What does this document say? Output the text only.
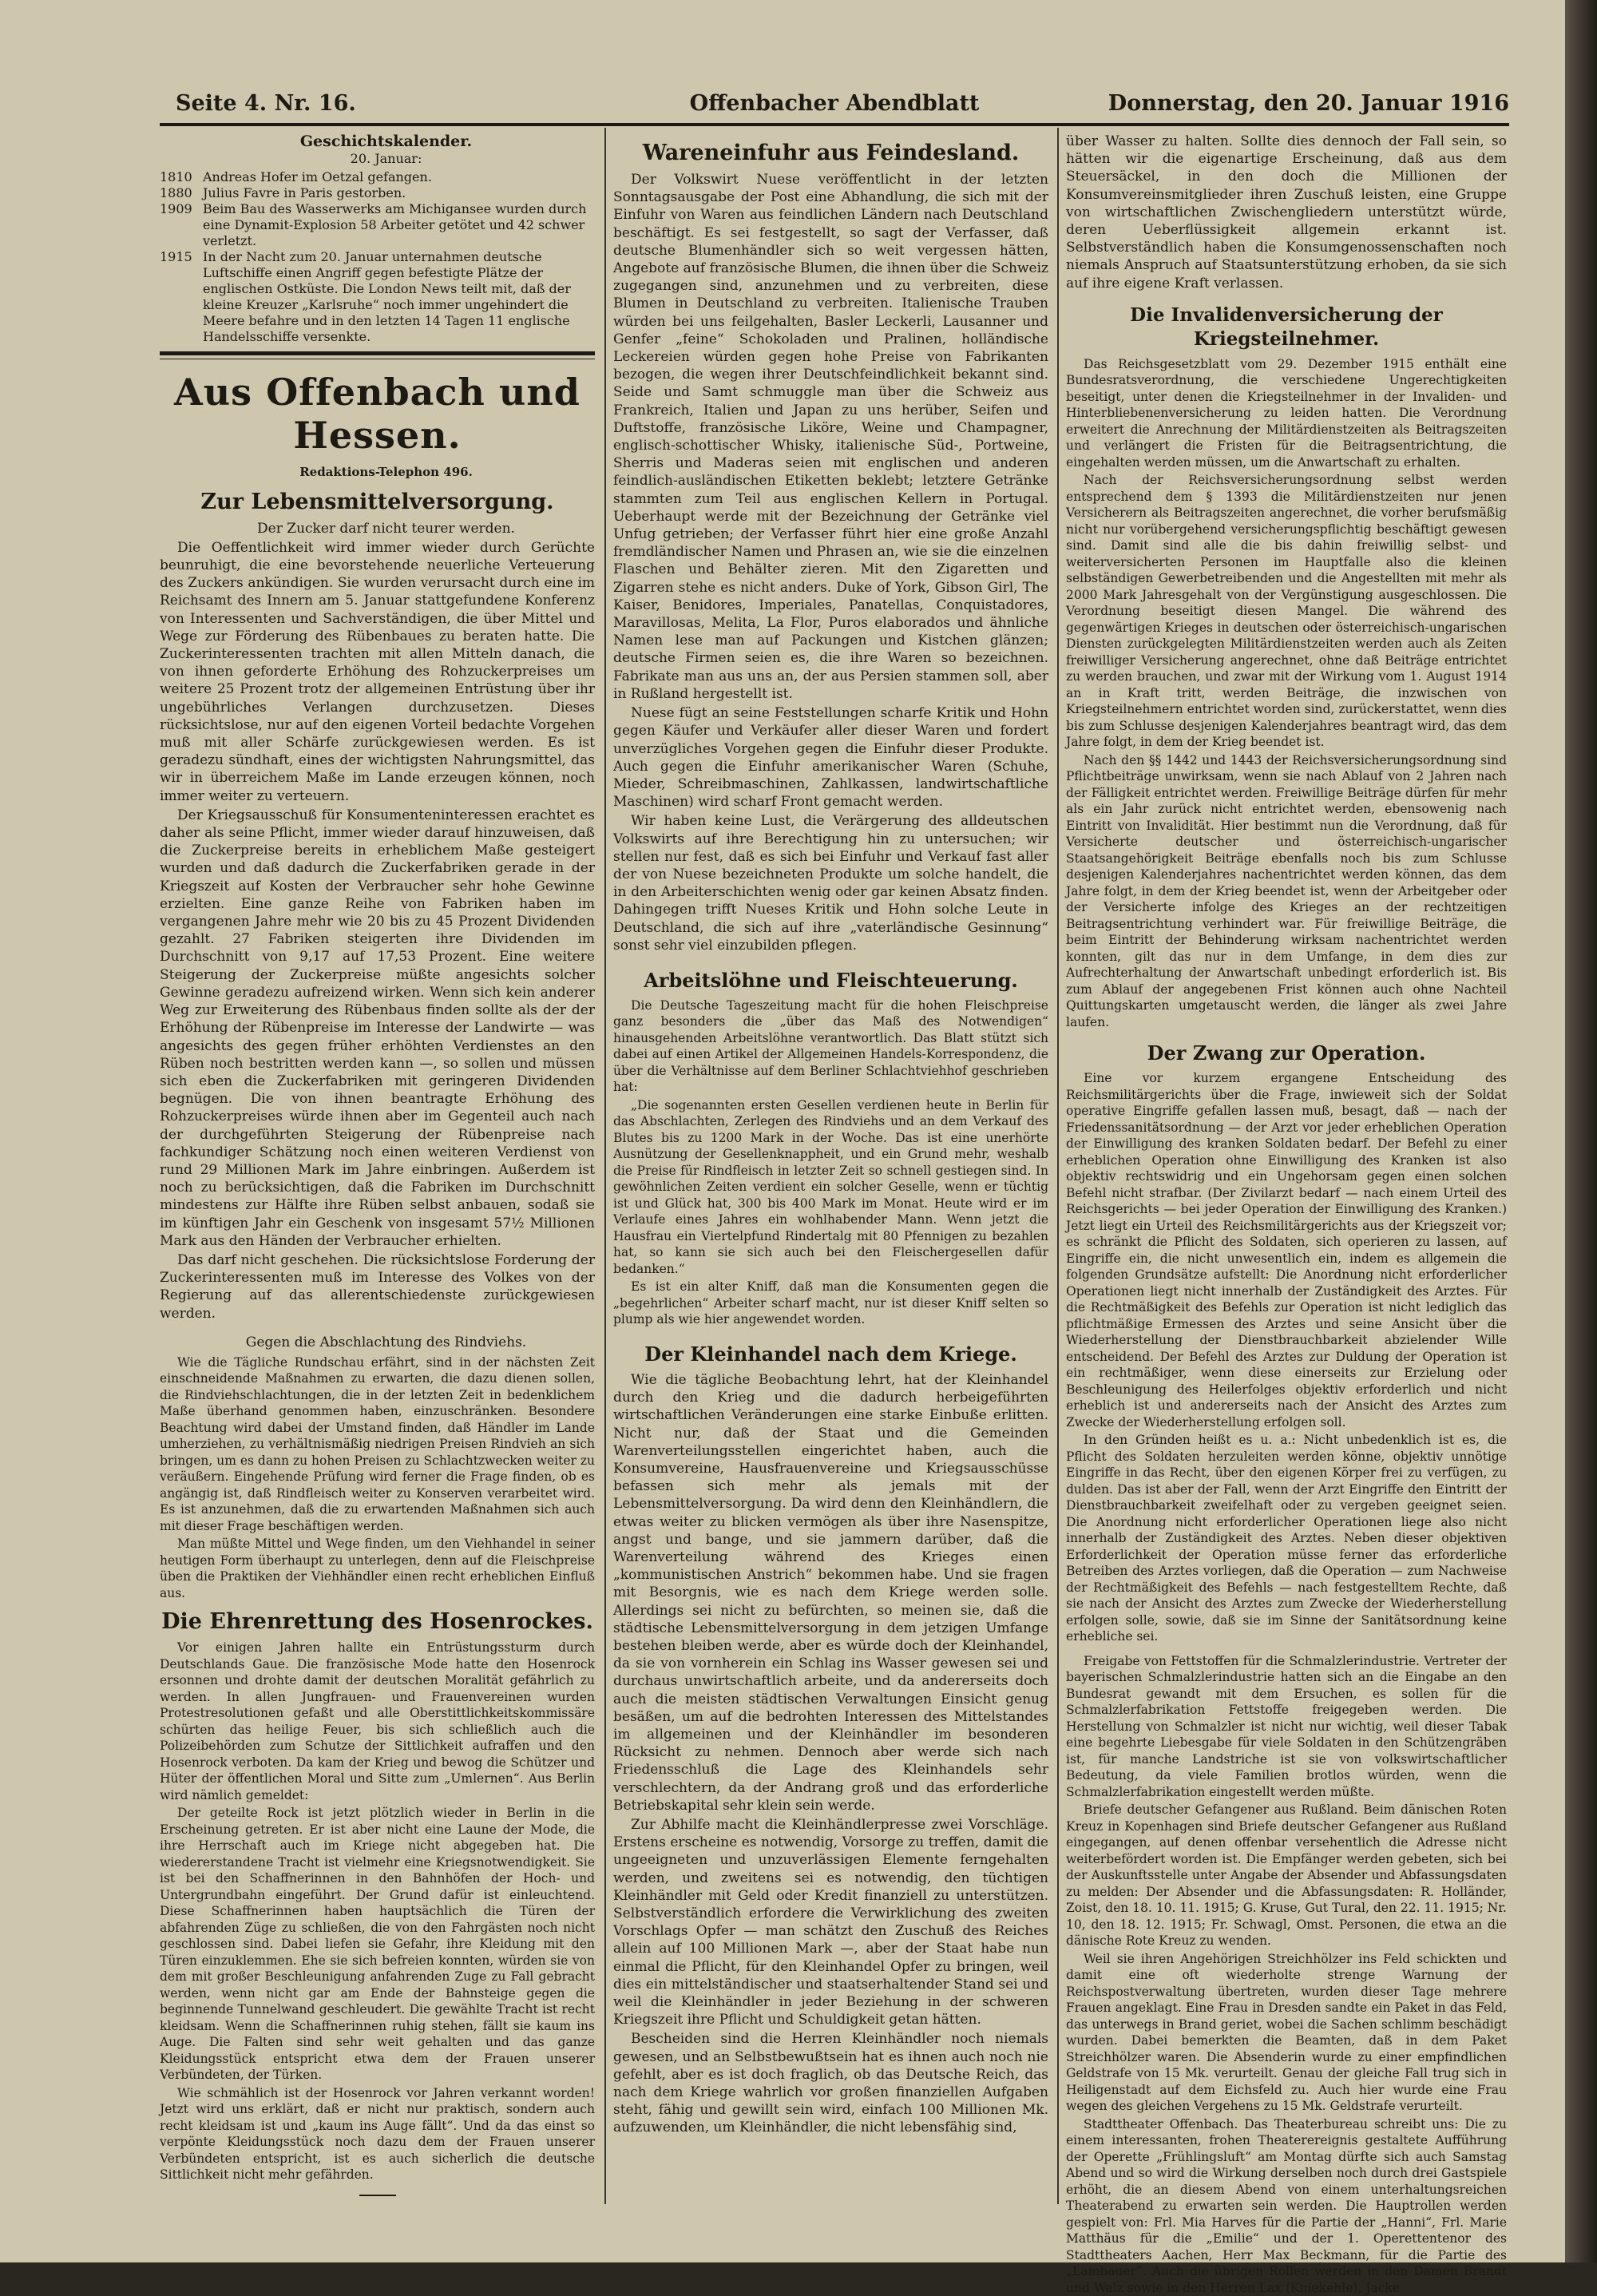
Seite 4. Nr. 16.	Offenbacher Abendblatt	Donnerstag, den 20. Januar 1916

Geschichtskalender.

20. Januar:

1810 Andreas Hofer im Oetzal gefangen.

1880 Julius Favre in Paris gestorben.

1909 Beim Bau des Wasserwerks am Michigansee wurden durch eine Dynamit-Explosion 58 Arbeiter getötet und 42 schwer verletzt.

1915 In der Nacht zum 20. Januar unternahmen deutsche Luftschiffe einen Angriff gegen befestigte Plätze der englischen Ostküste. Die London News teilt mit, daß der kleine Kreuzer „Karlsruhe“ noch immer ungehindert die Meere befahre und in den letzten 14 Tagen 11 englische Handelsschiffe versenkte.

Aus Offenbach und Hessen.

Redaktions-Telephon 496.

Zur Lebensmittelversorgung.

Der Zucker darf nicht teurer werden.

Die Oeffentlichkeit wird immer wieder durch Gerüchte beunruhigt, die eine bevorstehende neuerliche Verteuerung des Zuckers ankündigen. Sie wurden verursacht durch eine im Reichsamt des Innern am 5. Januar stattgefundene Konferenz von Interessenten und Sachverständigen, die über Mittel und Wege zur Förderung des Rübenbaues zu beraten hatte. Die Zuckerinteressenten trachten mit allen Mitteln danach, die von ihnen geforderte Erhöhung des Rohzuckerpreises um weitere 25 Prozent trotz der allgemeinen Entrüstung über ihr ungebührliches Verlangen durchzusetzen. Dieses rücksichtslose, nur auf den eigenen Vorteil bedachte Vorgehen muß mit aller Schärfe zurückgewiesen werden. Es ist geradezu sündhaft, eines der wichtigsten Nahrungsmittel, das wir in überreichem Maße im Lande erzeugen können, noch immer weiter zu verteuern.

Der Kriegsausschuß für Konsumenteninteressen erachtet es daher als seine Pflicht, immer wieder darauf hinzuweisen, daß die Zuckerpreise bereits in erheblichem Maße gesteigert wurden und daß dadurch die Zuckerfabriken gerade in der Kriegszeit auf Kosten der Verbraucher sehr hohe Gewinne erzielten. Eine ganze Reihe von Fabriken haben im vergangenen Jahre mehr wie 20 bis zu 45 Prozent Dividenden gezahlt. 27 Fabriken steigerten ihre Dividenden im Durchschnitt von 9,17 auf 17,53 Prozent. Eine weitere Steigerung der Zuckerpreise müßte angesichts solcher Gewinne geradezu aufreizend wirken. Wenn sich kein anderer Weg zur Erweiterung des Rübenbaus finden sollte als der der Erhöhung der Rübenpreise im Interesse der Landwirte — was angesichts des gegen früher erhöhten Verdienstes an den Rüben noch bestritten werden kann —, so sollen und müssen sich eben die Zuckerfabriken mit geringeren Dividenden begnügen. Die von ihnen beantragte Erhöhung des Rohzuckerpreises würde ihnen aber im Gegenteil auch nach der durchgeführten Steigerung der Rübenpreise nach fachkundiger Schätzung noch einen weiteren Verdienst von rund 29 Millionen Mark im Jahre einbringen. Außerdem ist noch zu berücksichtigen, daß die Fabriken im Durchschnitt mindestens zur Hälfte ihre Rüben selbst anbauen, sodaß sie im künftigen Jahr ein Geschenk von insgesamt 57½ Millionen Mark aus den Händen der Verbraucher erhielten.

Das darf nicht geschehen. Die rücksichtslose Forderung der Zuckerinteressenten muß im Interesse des Volkes von der Regierung auf das allerentschiedenste zurückgewiesen werden.

Gegen die Abschlachtung des Rindviehs.

Wie die Tägliche Rundschau erfährt, sind in der nächsten Zeit einschneidende Maßnahmen zu erwarten, die dazu dienen sollen, die Rindviehschlachtungen, die in der letzten Zeit in bedenklichem Maße überhand genommen haben, einzuschränken. Besondere Beachtung wird dabei der Umstand finden, daß Händler im Lande umherziehen, zu verhältnismäßig niedrigen Preisen Rindvieh an sich bringen, um es dann zu hohen Preisen zu Schlachtzwecken weiter zu veräußern. Eingehende Prüfung wird ferner die Frage finden, ob es angängig ist, daß Rindfleisch weiter zu Konserven verarbeitet wird. Es ist anzunehmen, daß die zu erwartenden Maßnahmen sich auch mit dieser Frage beschäftigen werden.

Man müßte Mittel und Wege finden, um den Viehhandel in seiner heutigen Form überhaupt zu unterlegen, denn auf die Fleischpreise üben die Praktiken der Viehhändler einen recht erheblichen Einfluß aus.

Die Ehrenrettung des Hosenrockes.

Vor einigen Jahren hallte ein Entrüstungssturm durch Deutschlands Gaue. Die französische Mode hatte den Hosenrock ersonnen und drohte damit der deutschen Moralität gefährlich zu werden. In allen Jungfrauen- und Frauenvereinen wurden Protestresolutionen gefaßt und alle Oberstittlichkeitskommissäre schürten das heilige Feuer, bis sich schließlich auch die Polizeibehörden zum Schutze der Sittlichkeit aufraffen und den Hosenrock verboten. Da kam der Krieg und bewog die Schützer und Hüter der öffentlichen Moral und Sitte zum „Umlernen“. Aus Berlin wird nämlich gemeldet:

Der geteilte Rock ist jetzt plötzlich wieder in Berlin in die Erscheinung getreten. Er ist aber nicht eine Laune der Mode, die ihre Herrschaft auch im Kriege nicht abgegeben hat. Die wiedererstandene Tracht ist vielmehr eine Kriegsnotwendigkeit. Sie ist bei den Schaffnerinnen in den Bahnhöfen der Hoch- und Untergrundbahn eingeführt. Der Grund dafür ist einleuchtend. Diese Schaffnerinnen haben hauptsächlich die Türen der abfahrenden Züge zu schließen, die von den Fahrgästen noch nicht geschlossen sind. Dabei liefen sie Gefahr, ihre Kleidung mit den Türen einzuklemmen. Ehe sie sich befreien konnten, würden sie von dem mit großer Beschleunigung anfahrenden Zuge zu Fall gebracht werden, wenn nicht gar am Ende der Bahnsteige gegen die beginnende Tunnelwand geschleudert. Die gewählte Tracht ist recht kleidsam. Wenn die Schaffnerinnen ruhig stehen, fällt sie kaum ins Auge. Die Falten sind sehr weit gehalten und das ganze Kleidungsstück entspricht etwa dem der Frauen unserer Verbündeten, der Türken.

Wie schmählich ist der Hosenrock vor Jahren verkannt worden! Jetzt wird uns erklärt, daß er nicht nur praktisch, sondern auch recht kleidsam ist und „kaum ins Auge fällt“. Und da das einst so verpönte Kleidungsstück noch dazu dem der Frauen unserer Verbündeten entspricht, ist es auch sicherlich die deutsche Sittlichkeit nicht mehr gefährden.

Wareneinfuhr aus Feindesland.

Der Volkswirt Nuese veröffentlicht in der letzten Sonntagsausgabe der Post eine Abhandlung, die sich mit der Einfuhr von Waren aus feindlichen Ländern nach Deutschland beschäftigt. Es sei festgestellt, so sagt der Verfasser, daß deutsche Blumenhändler sich so weit vergessen hätten, Angebote auf französische Blumen, die ihnen über die Schweiz zugegangen sind, anzunehmen und zu verbreiten, diese Blumen in Deutschland zu verbreiten. Italienische Trauben würden bei uns feilgehalten, Basler Leckerli, Lausanner und Genfer „feine“ Schokoladen und Pralinen, holländische Leckereien würden gegen hohe Preise von Fabrikanten bezogen, die wegen ihrer Deutschfeindlichkeit bekannt sind. Seide und Samt schmuggle man über die Schweiz aus Frankreich, Italien und Japan zu uns herüber, Seifen und Duftstoffe, französische Liköre, Weine und Champagner, englisch-schottischer Whisky, italienische Süd-, Portweine, Sherris und Maderas seien mit englischen und anderen feindlich-ausländischen Etiketten beklebt; letztere Getränke stammten zum Teil aus englischen Kellern in Portugal. Ueberhaupt werde mit der Bezeichnung der Getränke viel Unfug getrieben; der Verfasser führt hier eine große Anzahl fremdländischer Namen und Phrasen an, wie sie die einzelnen Flaschen und Behälter zieren. Mit den Zigaretten und Zigarren stehe es nicht anders. Duke of York, Gibson Girl, The Kaiser, Benidores, Imperiales, Panatellas, Conquistadores, Maravillosas, Melita, La Flor, Puros elaborados und ähnliche Namen lese man auf Packungen und Kistchen glänzen; deutsche Firmen seien es, die ihre Waren so bezeichnen. Fabrikate man aus uns an, der aus Persien stammen soll, aber in Rußland hergestellt ist.

Nuese fügt an seine Feststellungen scharfe Kritik und Hohn gegen Käufer und Verkäufer aller dieser Waren und fordert unverzügliches Vorgehen gegen die Einfuhr dieser Produkte. Auch gegen die Einfuhr amerikanischer Waren (Schuhe, Mieder, Schreibmaschinen, Zahlkassen, landwirtschaftliche Maschinen) wird scharf Front gemacht werden.

Wir haben keine Lust, die Verärgerung des alldeutschen Volkswirts auf ihre Berechtigung hin zu untersuchen; wir stellen nur fest, daß es sich bei Einfuhr und Verkauf fast aller der von Nuese bezeichneten Produkte um solche handelt, die in den Arbeiterschichten wenig oder gar keinen Absatz finden. Dahingegen trifft Nueses Kritik und Hohn solche Leute in Deutschland, die sich auf ihre „vaterländische Gesinnung“ sonst sehr viel einzubilden pflegen.

Arbeitslöhne und Fleischteuerung.

Die Deutsche Tageszeitung macht für die hohen Fleischpreise ganz besonders die „über das Maß des Notwendigen“ hinausgehenden Arbeitslöhne verantwortlich. Das Blatt stützt sich dabei auf einen Artikel der Allgemeinen Handels-Korrespondenz, die über die Verhältnisse auf dem Berliner Schlachtviehhof geschrieben hat:

„Die sogenannten ersten Gesellen verdienen heute in Berlin für das Abschlachten, Zerlegen des Rindviehs und an dem Verkauf des Blutes bis zu 1200 Mark in der Woche. Das ist eine unerhörte Ausnützung der Gesellenknappheit, und ein Grund mehr, weshalb die Preise für Rindfleisch in letzter Zeit so schnell gestiegen sind. In gewöhnlichen Zeiten verdient ein solcher Geselle, wenn er tüchtig ist und Glück hat, 300 bis 400 Mark im Monat. Heute wird er im Verlaufe eines Jahres ein wohlhabender Mann. Wenn jetzt die Hausfrau ein Viertelpfund Rindertalg mit 80 Pfennigen zu bezahlen hat, so kann sie sich auch bei den Fleischergesellen dafür bedanken.“

Es ist ein alter Kniff, daß man die Konsumenten gegen die „begehrlichen“ Arbeiter scharf macht, nur ist dieser Kniff selten so plump als wie hier angewendet worden.

Der Kleinhandel nach dem Kriege.

Wie die tägliche Beobachtung lehrt, hat der Kleinhandel durch den Krieg und die dadurch herbeigeführten wirtschaftlichen Veränderungen eine starke Einbuße erlitten. Nicht nur, daß der Staat und die Gemeinden Warenverteilungsstellen eingerichtet haben, auch die Konsumvereine, Hausfrauenvereine und Kriegsausschüsse befassen sich mehr als jemals mit der Lebensmittelversorgung. Da wird denn den Kleinhändlern, die etwas weiter zu blicken vermögen als über ihre Nasenspitze, angst und bange, und sie jammern darüber, daß die Warenverteilung während des Krieges einen „kommunistischen Anstrich“ bekommen habe. Und sie fragen mit Besorgnis, wie es nach dem Kriege werden solle. Allerdings sei nicht zu befürchten, so meinen sie, daß die städtische Lebensmittelversorgung in dem jetzigen Umfange bestehen bleiben werde, aber es würde doch der Kleinhandel, da sie von vornherein ein Schlag ins Wasser gewesen sei und durchaus unwirtschaftlich arbeite, und da andererseits doch auch die meisten städtischen Verwaltungen Einsicht genug besäßen, um auf die bedrohten Interessen des Mittelstandes im allgemeinen und der Kleinhändler im besonderen Rücksicht zu nehmen. Dennoch aber werde sich nach Friedensschluß die Lage des Kleinhandels sehr verschlechtern, da der Andrang groß und das erforderliche Betriebskapital sehr klein sein werde.

Zur Abhilfe macht die Kleinhändlerpresse zwei Vorschläge. Erstens erscheine es notwendig, Vorsorge zu treffen, damit die ungeeigneten und unzuverlässigen Elemente ferngehalten werden, und zweitens sei es notwendig, den tüchtigen Kleinhändler mit Geld oder Kredit finanziell zu unterstützen. Selbstverständlich erfordere die Verwirklichung des zweiten Vorschlags Opfer — man schätzt den Zuschuß des Reiches allein auf 100 Millionen Mark —, aber der Staat habe nun einmal die Pflicht, für den Kleinhandel Opfer zu bringen, weil dies ein mittelständischer und staatserhaltender Stand sei und weil die Kleinhändler in jeder Beziehung in der schweren Kriegszeit ihre Pflicht und Schuldigkeit getan hätten.

Bescheiden sind die Herren Kleinhändler noch niemals gewesen, und an Selbstbewußtsein hat es ihnen auch noch nie gefehlt, aber es ist doch fraglich, ob das Deutsche Reich, das nach dem Kriege wahrlich vor großen finanziellen Aufgaben steht, fähig und gewillt sein wird, einfach 100 Millionen Mk. aufzuwenden, um Kleinhändler, die nicht lebensfähig sind,

über Wasser zu halten. Sollte dies dennoch der Fall sein, so hätten wir die eigenartige Erscheinung, daß aus dem Steuersäckel, in den doch die Millionen der Konsumvereinsmitglieder ihren Zuschuß leisten, eine Gruppe von wirtschaftlichen Zwischengliedern unterstützt würde, deren Ueberflüssigkeit allgemein erkannt ist. Selbstverständlich haben die Konsumgenossenschaften noch niemals Anspruch auf Staatsunterstützung erhoben, da sie sich auf ihre eigene Kraft verlassen.

Die Invalidenversicherung der Kriegsteilnehmer.

Das Reichsgesetzblatt vom 29. Dezember 1915 enthält eine Bundesratsverordnung, die verschiedene Ungerechtigkeiten beseitigt, unter denen die Kriegsteilnehmer in der Invaliden- und Hinterbliebenenversicherung zu leiden hatten. Die Verordnung erweitert die Anrechnung der Militärdienstzeiten als Beitragszeiten und verlängert die Fristen für die Beitragsentrichtung, die eingehalten werden müssen, um die Anwartschaft zu erhalten.

Nach der Reichsversicherungsordnung selbst werden entsprechend dem § 1393 die Militärdienstzeiten nur jenen Versicherern als Beitragszeiten angerechnet, die vorher berufsmäßig nicht nur vorübergehend versicherungspflichtig beschäftigt gewesen sind. Damit sind alle die bis dahin freiwillig selbst- und weiterversicherten Personen im Hauptfalle also die kleinen selbständigen Gewerbetreibenden und die Angestellten mit mehr als 2000 Mark Jahresgehalt von der Vergünstigung ausgeschlossen. Die Verordnung beseitigt diesen Mangel. Die während des gegenwärtigen Krieges in deutschen oder österreichisch-ungarischen Diensten zurückgelegten Militärdienstzeiten werden auch als Zeiten freiwilliger Versicherung angerechnet, ohne daß Beiträge entrichtet zu werden brauchen, und zwar mit der Wirkung vom 1. August 1914 an in Kraft tritt, werden Beiträge, die inzwischen von Kriegsteilnehmern entrichtet worden sind, zurückerstattet, wenn dies bis zum Schlusse desjenigen Kalenderjahres beantragt wird, das dem Jahre folgt, in dem der Krieg beendet ist.

Nach den §§ 1442 und 1443 der Reichsversicherungsordnung sind Pflichtbeiträge unwirksam, wenn sie nach Ablauf von 2 Jahren nach der Fälligkeit entrichtet werden. Freiwillige Beiträge dürfen für mehr als ein Jahr zurück nicht entrichtet werden, ebensowenig nach Eintritt von Invalidität. Hier bestimmt nun die Verordnung, daß für Versicherte deutscher und österreichisch-ungarischer Staatsangehörigkeit Beiträge ebenfalls noch bis zum Schlusse desjenigen Kalenderjahres nachentrichtet werden können, das dem Jahre folgt, in dem der Krieg beendet ist, wenn der Arbeitgeber oder der Versicherte infolge des Krieges an der rechtzeitigen Beitragsentrichtung verhindert war. Für freiwillige Beiträge, die beim Eintritt der Behinderung wirksam nachentrichtet werden konnten, gilt das nur in dem Umfange, in dem dies zur Aufrechterhaltung der Anwartschaft unbedingt erforderlich ist. Bis zum Ablauf der angegebenen Frist können auch ohne Nachteil Quittungskarten umgetauscht werden, die länger als zwei Jahre laufen.

Der Zwang zur Operation.

Eine vor kurzem ergangene Entscheidung des Reichsmilitärgerichts über die Frage, inwieweit sich der Soldat operative Eingriffe gefallen lassen muß, besagt, daß — nach der Friedenssanitätsordnung — der Arzt vor jeder erheblichen Operation der Einwilligung des kranken Soldaten bedarf. Der Befehl zu einer erheblichen Operation ohne Einwilligung des Kranken ist also objektiv rechtswidrig und ein Ungehorsam gegen einen solchen Befehl nicht strafbar. (Der Zivilarzt bedarf — nach einem Urteil des Reichsgerichts — bei jeder Operation der Einwilligung des Kranken.) Jetzt liegt ein Urteil des Reichsmilitärgerichts aus der Kriegszeit vor; es schränkt die Pflicht des Soldaten, sich operieren zu lassen, auf Eingriffe ein, die nicht unwesentlich ein, indem es allgemein die folgenden Grundsätze aufstellt: Die Anordnung nicht erforderlicher Operationen liegt nicht innerhalb der Zuständigkeit des Arztes. Für die Rechtmäßigkeit des Befehls zur Operation ist nicht lediglich das pflichtmäßige Ermessen des Arztes und seine Ansicht über die Wiederherstellung der Dienstbrauchbarkeit abzielender Wille entscheidend. Der Befehl des Arztes zur Duldung der Operation ist ein rechtmäßiger, wenn diese einerseits zur Erzielung oder Beschleunigung des Heilerfolges objektiv erforderlich und nicht erheblich ist und andererseits nach der Ansicht des Arztes zum Zwecke der Wiederherstellung erfolgen soll.

In den Gründen heißt es u. a.: Nicht unbedenklich ist es, die Pflicht des Soldaten herzuleiten werden könne, objektiv unnötige Eingriffe in das Recht, über den eigenen Körper frei zu verfügen, zu dulden. Das ist aber der Fall, wenn der Arzt Eingriffe den Eintritt der Dienstbrauchbarkeit zweifelhaft oder zu vergeben geeignet seien. Die Anordnung nicht erforderlicher Operationen liege also nicht innerhalb der Zuständigkeit des Arztes. Neben dieser objektiven Erforderlichkeit der Operation müsse ferner das erforderliche Betreiben des Arztes vorliegen, daß die Operation — zum Nachweise der Rechtmäßigkeit des Befehls — nach festgestelltem Rechte, daß sie nach der Ansicht des Arztes zum Zwecke der Wiederherstellung erfolgen solle, sowie, daß sie im Sinne der Sanitätsordnung keine erhebliche sei.

Freigabe von Fettstoffen für die Schmalzlerindustrie. Vertreter der bayerischen Schmalzlerindustrie hatten sich an die Eingabe an den Bundesrat gewandt mit dem Ersuchen, es sollen für die Schmalzlerfabrikation Fettstoffe freigegeben werden. Die Herstellung von Schmalzler ist nicht nur wichtig, weil dieser Tabak eine begehrte Liebesgabe für viele Soldaten in den Schützengräben ist, für manche Landstriche ist sie von volkswirtschaftlicher Bedeutung, da viele Familien brotlos würden, wenn die Schmalzlerfabrikation eingestellt werden müßte.

Briefe deutscher Gefangener aus Rußland. Beim dänischen Roten Kreuz in Kopenhagen sind Briefe deutscher Gefangener aus Rußland eingegangen, auf denen offenbar versehentlich die Adresse nicht weiterbefördert worden ist. Die Empfänger werden gebeten, sich bei der Auskunftsstelle unter Angabe der Absender und Abfassungsdaten zu melden: Der Absender und die Abfassungsdaten: R. Holländer, Zoist, den 18. 10. 11. 1915; G. Kruse, Gut Tural, den 22. 11. 1915; Nr. 10, den 18. 12. 1915; Fr. Schwagl, Omst. Personen, die etwa an die dänische Rote Kreuz zu wenden.

Weil sie ihren Angehörigen Streichhölzer ins Feld schickten und damit eine oft wiederholte strenge Warnung der Reichspostverwaltung übertreten, wurden dieser Tage mehrere Frauen angeklagt. Eine Frau in Dresden sandte ein Paket in das Feld, das unterwegs in Brand geriet, wobei die Sachen schlimm beschädigt wurden. Dabei bemerkten die Beamten, daß in dem Paket Streichhölzer waren. Die Absenderin wurde zu einer empfindlichen Geldstrafe von 15 Mk. verurteilt. Genau der gleiche Fall trug sich in Heiligenstadt auf dem Eichsfeld zu. Auch hier wurde eine Frau wegen des gleichen Vergehens zu 15 Mk. Geldstrafe verurteilt.

Stadttheater Offenbach. Das Theaterbureau schreibt uns: Die zu einem interessanten, frohen Theaterereignis gestaltete Aufführung der Operette „Frühlingsluft“ am Montag dürfte sich auch Samstag Abend und so wird die Wirkung derselben noch durch drei Gastspiele erhöht, die an diesem Abend von einem unterhaltungsreichen Theaterabend zu erwarten sein werden. Die Hauptrollen werden gespielt von: Frl. Mia Harves für die Partie der „Hanni“, Frl. Marie Matthäus für die „Emilie“ und der 1. Operettentenor des Stadttheaters Aachen, Herr Max Beckmann, für die Partie des „Lambauer“. Auch die übrigen Rollen werden in den Damen Brandt und Walz sowie in den Herren Lax (Kniekehle), Jacke
